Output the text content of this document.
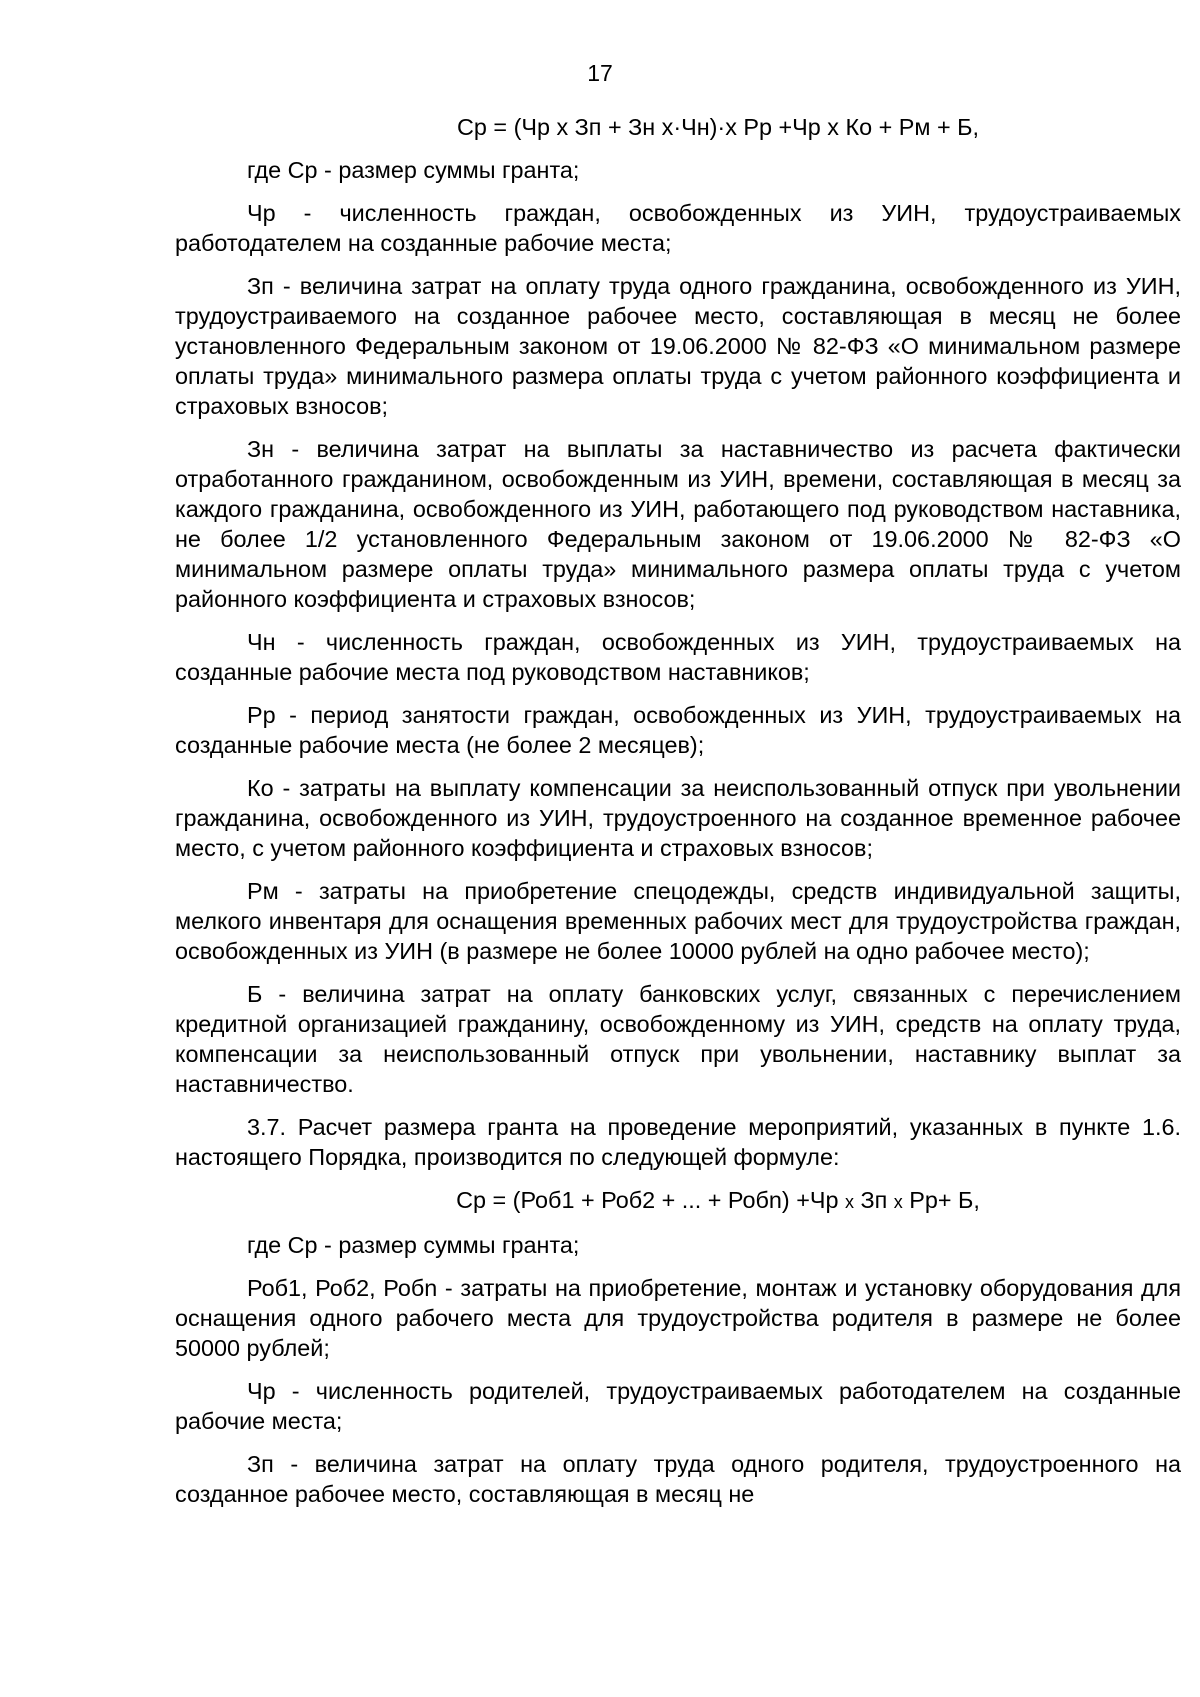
17
Ср = (Чр х Зп + Зн х·Чн)·х Рр +Чр х Ко + Рм + Б,
где Ср - размер суммы гранта;
Чр - численность граждан, освобожденных из УИН, трудоустраиваемых работодателем на созданные рабочие места;
Зп - величина затрат на оплату труда одного гражданина, освобожденного из УИН, трудоустраиваемого на созданное рабочее место, составляющая в месяц не более установленного Федеральным законом от 19.06.2000 № 82-ФЗ «О минимальном размере оплаты труда» минимального размера оплаты труда с учетом районного коэффициента и страховых взносов;
Зн - величина затрат на выплаты за наставничество из расчета фактически отработанного гражданином, освобожденным из УИН, времени, составляющая в месяц за каждого гражданина, освобожденного из УИН, работающего под руководством наставника, не более 1/2 установленного Федеральным законом от 19.06.2000 № 82-ФЗ «О минимальном размере оплаты труда» минимального размера оплаты труда с учетом районного коэффициента и страховых взносов;
Чн - численность граждан, освобожденных из УИН, трудоустраиваемых на созданные рабочие места под руководством наставников;
Рр - период занятости граждан, освобожденных из УИН, трудоустраиваемых на созданные рабочие места (не более 2 месяцев);
Ко - затраты на выплату компенсации за неиспользованный отпуск при увольнении гражданина, освобожденного из УИН, трудоустроенного на созданное временное рабочее место, с учетом районного коэффициента и страховых взносов;
Рм - затраты на приобретение спецодежды, средств индивидуальной защиты, мелкого инвентаря для оснащения временных рабочих мест для трудоустройства граждан, освобожденных из УИН (в размере не более 10000 рублей на одно рабочее место);
Б - величина затрат на оплату банковских услуг, связанных с перечислением кредитной организацией гражданину, освобожденному из УИН, средств на оплату труда, компенсации за неиспользованный отпуск при увольнении, наставнику выплат за наставничество.
3.7. Расчет размера гранта на проведение мероприятий, указанных в пункте 1.6. настоящего Порядка, производится по следующей формуле:
Ср = (Роб1 + Роб2 + ... + Робn) +Чр х Зп х Рр+ Б,
где Ср - размер суммы гранта;
Роб1, Роб2, Робn - затраты на приобретение, монтаж и установку оборудования для оснащения одного рабочего места для трудоустройства родителя в размере не более 50000 рублей;
Чр - численность родителей, трудоустраиваемых работодателем на созданные рабочие места;
Зп - величина затрат на оплату труда одного родителя, трудоустроенного на созданное рабочее место, составляющая в месяц не
